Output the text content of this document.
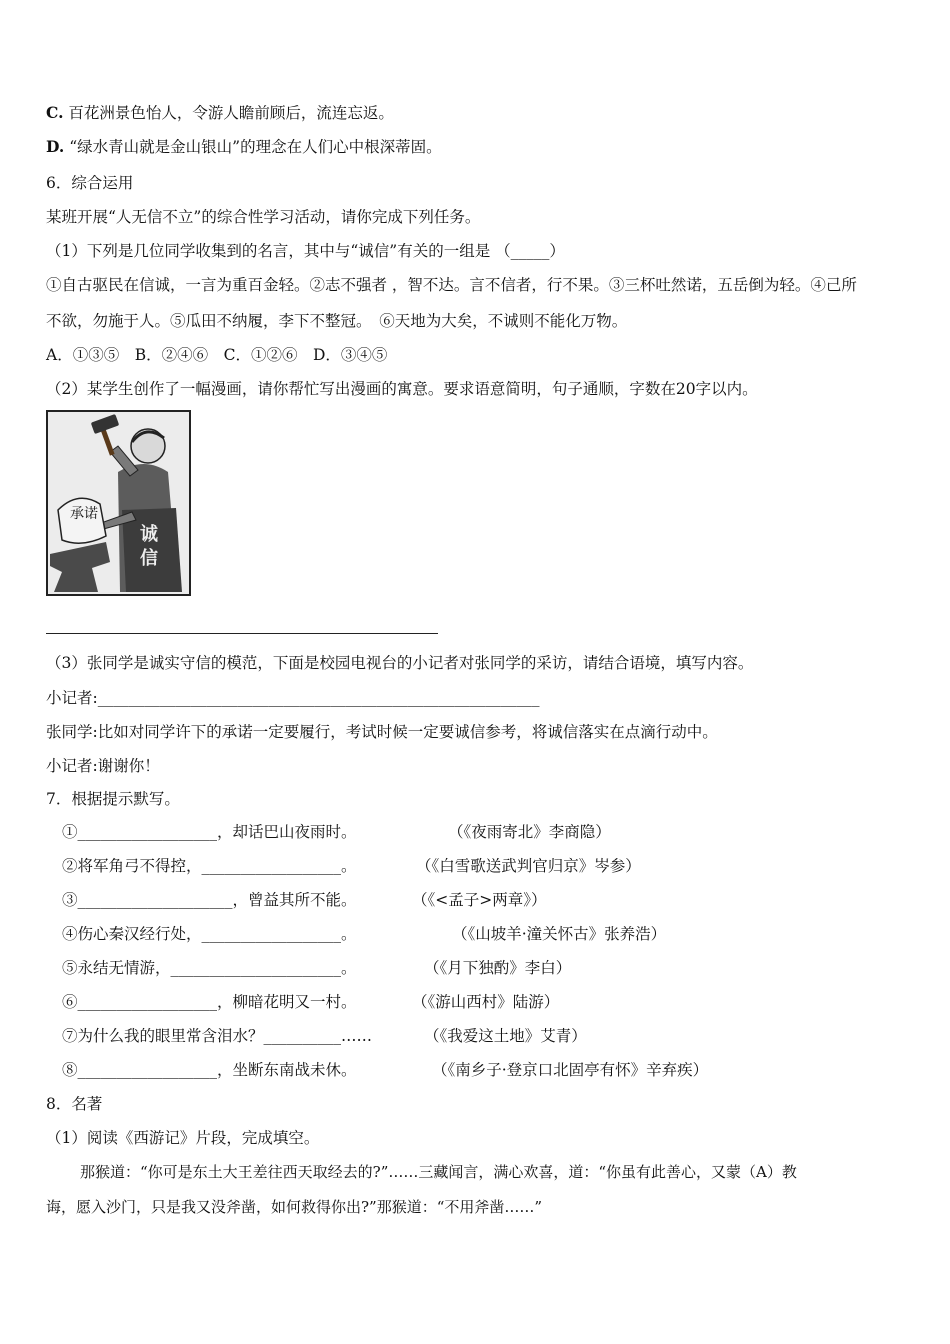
C. 百花洲景色怡人，令游人瞻前顾后，流连忘返。
D. “绿水青山就是金山银山”的理念在人们心中根深蒂固。
6．综合运用
某班开展“人无信不立”的综合性学习活动，请你完成下列任务。
（1）下列是几位同学收集到的名言，其中与“诚信”有关的一组是 （_____）
①自古驱民在信诚，一言为重百金轻。②志不强者 ，智不达。言不信者，行不果。③三杯吐然诺，五岳倒为轻。④己所
不欲，勿施于人。⑤瓜田不纳履，李下不整冠。　⑥天地为大矣，不诚则不能化万物。
A．①③⑤　B．②④⑥　C．①②⑥　D．③④⑤
（2）某学生创作了一幅漫画，请你帮忙写出漫画的寓意。要求语意简明，句子通顺，字数在20字以内。
承诺
诚
信
（3）张同学是诚实守信的模范，下面是校园电视台的小记者对张同学的采访，请结合语境，填写内容。
小记者:_________________________________________________________
张同学:比如对同学许下的承诺一定要履行，考试时候一定要诚信参考，将诚信落实在点滴行动中。
小记者:谢谢你！
7．根据提示默写。
①__________________，却话巴山夜雨时。	（《夜雨寄北》李商隐）
②将军角弓不得控，__________________。	（《白雪歌送武判官归京》岑参）
③____________________，曾益其所不能。	（《<孟子>两章》）
④伤心秦汉经行处，__________________。	（《山坡羊·潼关怀古》张养浩）
⑤永结无情游，______________________。	（《月下独酌》李白）
⑥__________________，柳暗花明又一村。	（《游山西村》陆游）
⑦为什么我的眼里常含泪水？__________……	（《我爱这土地》艾青）
⑧__________________，坐断东南战未休。	（《南乡子·登京口北固亭有怀》辛弃疾）
8．名著
（1）阅读《西游记》片段，完成填空。
那猴道：“你可是东土大王差往西天取经去的?”……三藏闻言，满心欢喜，道：“你虽有此善心，又蒙（A）教
诲，愿入沙门，只是我又没斧凿，如何救得你出?”那猴道：“不用斧凿……”
